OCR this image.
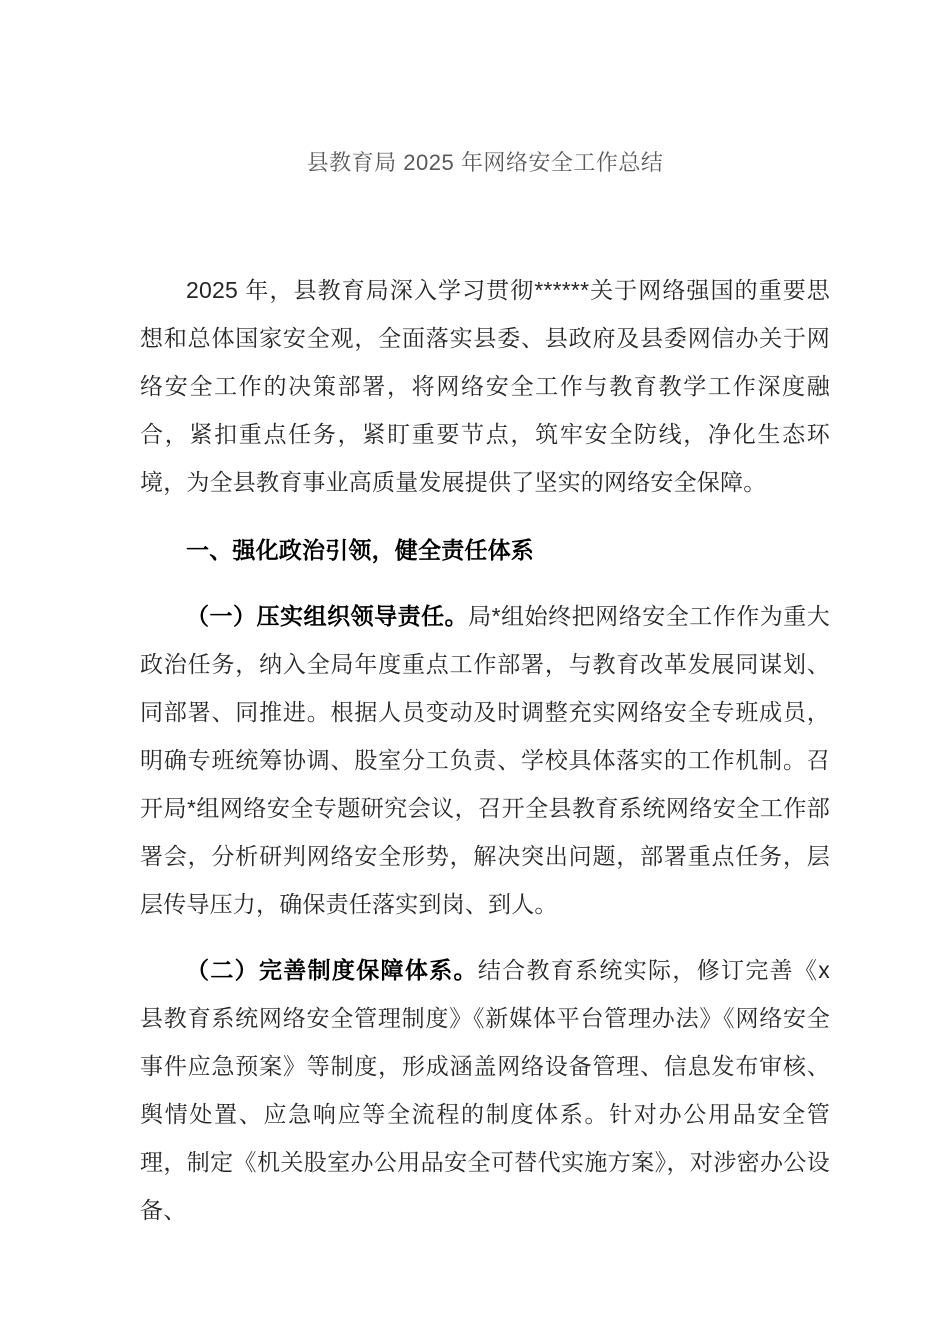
县教育局 2025 年网络安全工作总结

2025 年，县教育局深入学习贯彻******关于网络强国的重要思想和总体国家安全观，全面落实县委、县政府及县委网信办关于网络安全工作的决策部署，将网络安全工作与教育教学工作深度融合，紧扣重点任务，紧盯重要节点，筑牢安全防线，净化生态环境，为全县教育事业高质量发展提供了坚实的网络安全保障。

一、强化政治引领，健全责任体系

（一）压实组织领导责任。局*组始终把网络安全工作作为重大政治任务，纳入全局年度重点工作部署，与教育改革发展同谋划、同部署、同推进。根据人员变动及时调整充实网络安全专班成员，明确专班统筹协调、股室分工负责、学校具体落实的工作机制。召开局*组网络安全专题研究会议，召开全县教育系统网络安全工作部署会，分析研判网络安全形势，解决突出问题，部署重点任务，层层传导压力，确保责任落实到岗、到人。

（二）完善制度保障体系。结合教育系统实际，修订完善《x 县教育系统网络安全管理制度》《新媒体平台管理办法》《网络安全事件应急预案》等制度，形成涵盖网络设备管理、信息发布审核、舆情处置、应急响应等全流程的制度体系。针对办公用品安全管理，制定《机关股室办公用品安全可替代实施方案》，对涉密办公设备、
